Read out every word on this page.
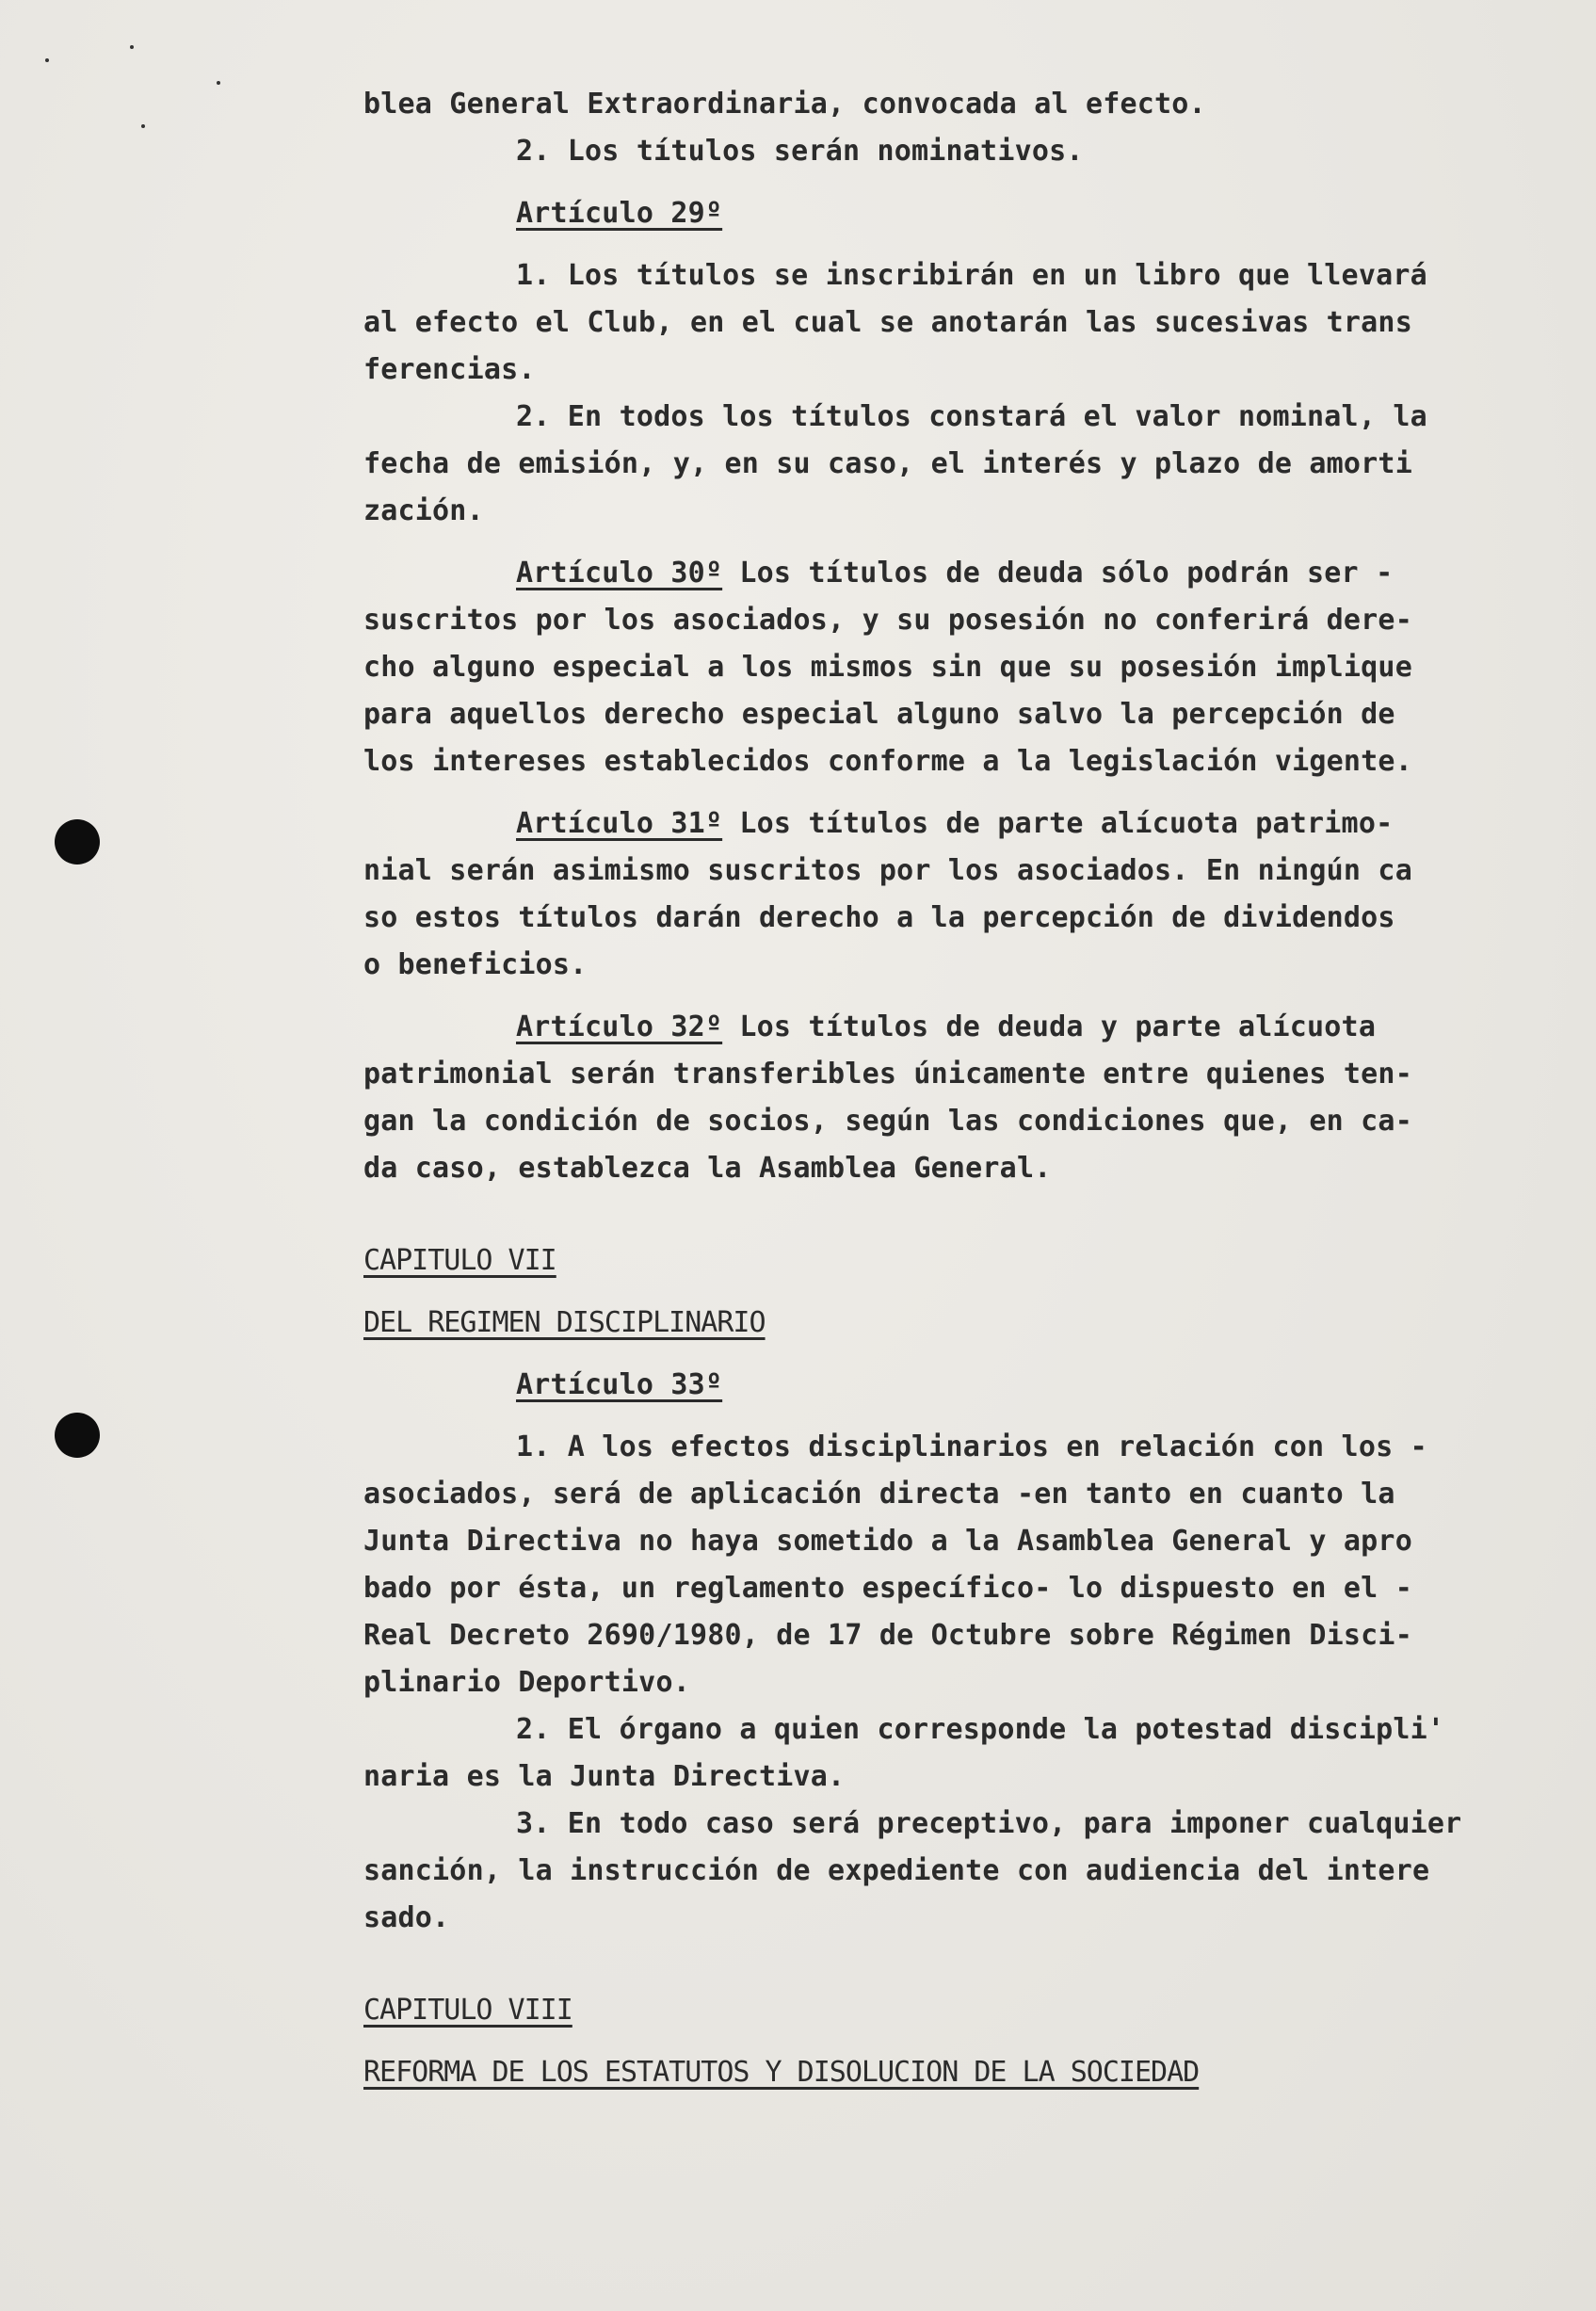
blea General Extraordinaria, convocada al efecto.
2. Los títulos serán nominativos.
Artículo 29º
1. Los títulos se inscribirán en un libro que llevará
al efecto el Club, en el cual se anotarán las sucesivas trans
ferencias.
2. En todos los títulos constará el valor nominal, la
fecha de emisión, y, en su caso, el interés y plazo de amorti
zación.
Artículo 30º Los títulos de deuda sólo podrán ser -
suscritos por los asociados, y su posesión no conferirá dere-
cho alguno especial a los mismos sin que su posesión implique
para aquellos derecho especial alguno salvo la percepción de
los intereses establecidos conforme a la legislación vigente.
Artículo 31º Los títulos de parte alícuota patrimo-
nial serán asimismo suscritos por los asociados. En ningún ca
so estos títulos darán derecho a la percepción de dividendos
o beneficios.
Artículo 32º Los títulos de deuda y parte alícuota
patrimonial serán transferibles únicamente entre quienes ten-
gan la condición de socios, según las condiciones que, en ca-
da caso, establezca la Asamblea General.
CAPITULO VII
DEL REGIMEN DISCIPLINARIO
Artículo 33º
1. A los efectos disciplinarios en relación con los -
asociados, será de aplicación directa -en tanto en cuanto la
Junta Directiva no haya sometido a la Asamblea General y apro
bado por ésta, un reglamento específico- lo dispuesto en el -
Real Decreto 2690/1980, de 17 de Octubre sobre Régimen Disci-
plinario Deportivo.
2. El órgano a quien corresponde la potestad discipli'
naria es la Junta Directiva.
3. En todo caso será preceptivo, para imponer cualquier
sanción, la instrucción de expediente con audiencia del intere
sado.
CAPITULO VIII
REFORMA DE LOS ESTATUTOS Y DISOLUCION DE LA SOCIEDAD
